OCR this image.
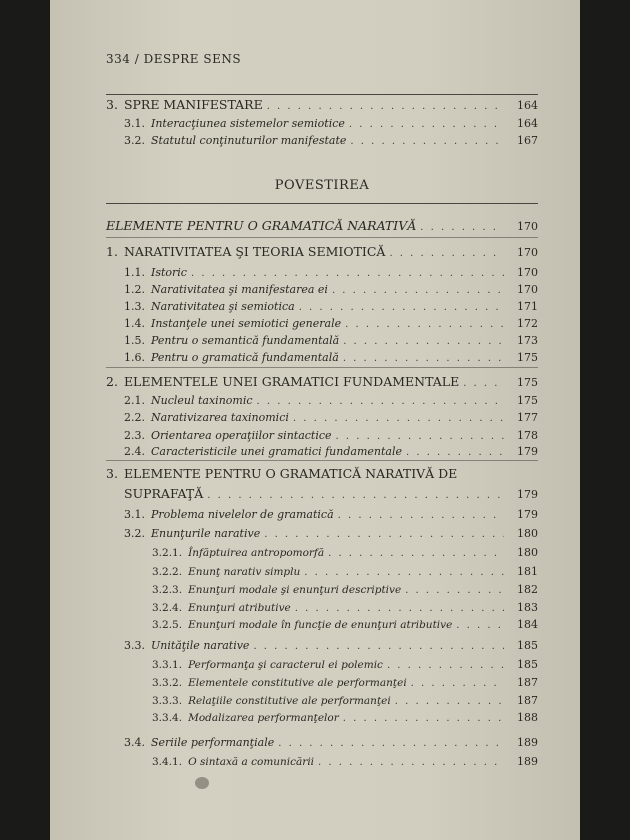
334 / DESPRE SENS
3. SPRE MANIFESTARE . . .	164
3.1. Interacţiunea sistemelor semiotice . . .	164
3.2. Statutul conţinuturilor manifestate . . .	167
POVESTIREA
ELEMENTE PENTRU O GRAMATICĂ NARATIVĂ . . .	170
1. NARATIVITATEA ŞI TEORIA SEMIOTICĂ . . .	170
1.1. Istoric . . .	170
1.2. Narativitatea şi manifestarea ei . . .	170
1.3. Narativitatea şi semiotica . . .	171
1.4. Instanţele unei semiotici generale . . .	172
1.5. Pentru o semantică fundamentală . . .	173
1.6. Pentru o gramatică fundamentală . . .	175
2. ELEMENTELE UNEI GRAMATICI FUNDAMENTALE . . .	175
2.1. Nucleul taxinomic . . .	175
2.2. Narativizarea taxinomici . . .	177
2.3. Orientarea operaţiilor sintactice . . .	178
2.4. Caracteristicile unei gramatici fundamentale . . .	179
3. ELEMENTE PENTRU O GRAMATICĂ NARATIVĂ DE
SUPRAFAŢĂ . . .	179
3.1. Problema nivelelor de gramatică . . .	179
3.2. Enunţurile narative . . .	180
3.2.1. Înfăptuirea antropomorfă . . .	180
3.2.2. Enunţ narativ simplu . . .	181
3.2.3. Enunţuri modale şi enunţuri descriptive . . .	182
3.2.4. Enunţuri atributive . . .	183
3.2.5. Enunţuri modale în funcţie de enunţuri atributive . . .	184
3.3. Unităţile narative . . .	185
3.3.1. Performanţa şi caracterul ei polemic . . .	185
3.3.2. Elementele constitutive ale performanţei . . .	187
3.3.3. Relaţiile constitutive ale performanţei . . .	187
3.3.4. Modalizarea performanţelor . . .	188
3.4. Seriile performanţiale . . .	189
3.4.1. O sintaxă a comunicării . . .	189
